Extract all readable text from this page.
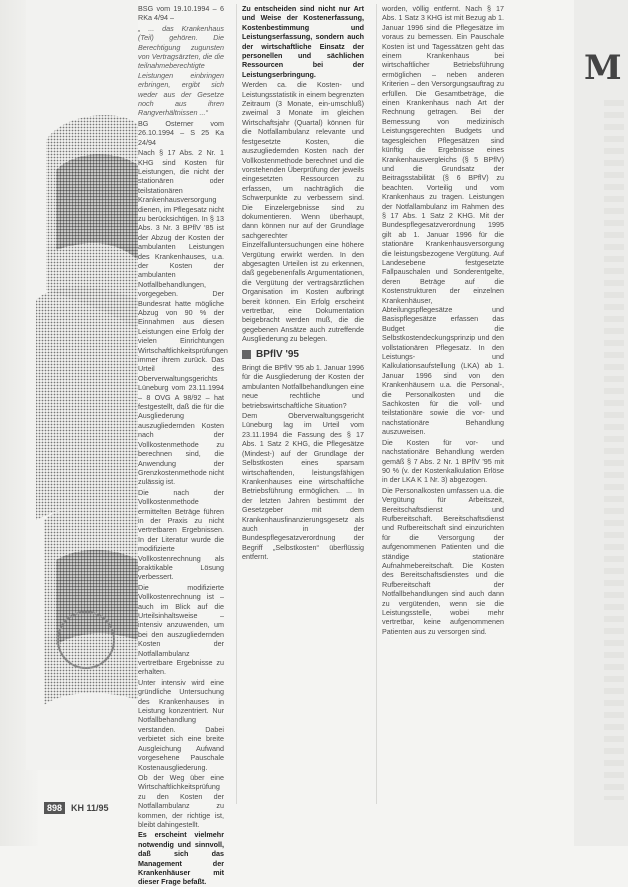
BSG vom 19.10.1994 – 6 RKa 4/94 –

„ ... das Krankenhaus (Teil) gehören. Die Berechtigung zugunsten von Vertragsärzten, die die teilnahmeberechtigte Leistungen einbringen erbringen, ergibt sich weder aus der Gesetze noch aus ihren Rangverhältnissen ...“

BG Osterner vom 26.10.1994 – S 25 Ka 24/94

Nach § 17 Abs. 2 Nr. 1 KHG sind Kosten für Leistungen, die nicht der stationären oder teilstationären Krankenhausversorgung dienen, im Pflegesatz nicht zu berücksichtigen. In § 13 Abs. 3 Nr. 3 BPflV '85 ist der Abzug der Kosten der ambulanten Leistungen des Krankenhauses, u.a. der Kosten der ambulanten Notfallbehandlungen, vorgegeben. Der Bundesrat hatte mögliche Abzug von 90 % der Einnahmen aus diesen Leistungen eine Erfolg der vielen Einrichtungen Wirtschaftlichkeitsprüfungen immer ihrem zurück. Das Urteil des Oberverwaltungsgerichts Lüneburg vom 23.11.1994 – 8 OVG A 98/92 – hat festgestellt, daß die für die Ausgliederung auszugliedernden Kosten nach der Vollkostenmethode zu berechnen sind, die Anwendung der Grenzkostenmethode nicht zulässig ist.

Die nach der Vollkostenmethode ermittelten Beträge führen in der Praxis zu nicht vertretbaren Ergebnissen. In der Literatur wurde die modifizierte Vollkostenrechnung als praktikable Lösung verbessert.

Die modifizierte Vollkostenrechnung ist – auch im Blick auf die Urteilsinhaltsweise – intensiv anzuwenden, um bei den auszugliedernden Kosten der Notfallambulanz vertretbare Ergebnisse zu erhalten.

Unter intensiv wird eine gründliche Untersuchung des Krankenhauses in Leistung konzentriert. Nur Notfallbehandlung verstanden. Dabei verbietet sich eine breite Ausgleichung Aufwand vorgesehene Pauschale Kostenausgliederung.

Ob der Weg über eine Wirtschaftlichkeitsprüfung zu den Kosten der Notfallambulanz zu kommen, der richtige ist, bleibt dahingestellt.

Es erscheint vielmehr notwendig und sinnvoll, daß sich das Management der Krankenhäuser mit dieser Frage befaßt.

Zu entscheiden sind nicht nur Art und Weise der Kostenerfassung, Kostenbestimmung und Leistungserfassung, sondern auch der wirtschaftliche Einsatz der personellen und sächlichen Ressourcen bei der Leistungserbringung.

Werden ca. die Kosten- und Leistungsstatistik in einem begrenzten Zeitraum (3 Monate, ein-umschluß) zweimal 3 Monate im gleichen Wirtschaftsjahr (Quartal) können für die Notfallambulanz relevante und festgesetzte Kosten, die auszugliedernden Kosten nach der Vollkostenmethode berechnet und die vorstehenden Überprüfung der jeweils eingesetzten Ressourcen zu erfassen, um nachträglich die Schwerpunkte zu verbessern sind. Die Einzelergebnisse sind zu dokumentieren. Wenn überhaupt, dann können nur auf der Grundlage sachgerechter Einzelfalluntersuchungen eine höhere Vergütung erwirkt werden. In den abgesagten Urteilen ist zu erkennen, daß gegebenenfalls Argumentationen, die Vergütung der vertragsärztlichen Organisation im Kosten aufbringt bereit können. Ein Erfolg erscheint vertretbar, eine Dokumentation beigebracht werden muß, die die gegebenen Ansätze auch zutreffende Ausgliederung zu belegen.

BPflV '95

Bringt die BPflV '95 ab 1. Januar 1996 für die Ausgliederung der Kosten der ambulanten Notfallbehandlungen eine neue rechtliche und betriebswirtschaftliche Situation?

Dem Oberverwaltungsgericht Lüneburg lag im Urteil vom 23.11.1994 die Fassung des § 17 Abs. 1 Satz 2 KHG, die Pflegesätze (Mindest-) auf der Grundlage der Selbstkosten eines sparsam wirtschaftenden, leistungsfähigen Krankenhauses eine wirtschaftliche Betriebsführung ermöglichen. ... In der letzten Jahren bestimmt der Gesetzgeber mit dem Krankenhausfinanzierungsgesetz als auch in der Bundespflegesatzverordnung der Begriff „Selbstkosten“ überflüssig entfernt.

worden, völlig entfernt. Nach § 17 Abs. 1 Satz 3 KHG ist mit Bezug ab 1. Januar 1996 sind die Pflegesätze im voraus zu bemessen. Ein Pauschale Kosten ist und Tagessätzen geht das einem Krankenhaus bei wirtschaftlicher Betriebsführung ermöglichen – neben anderen Kriterien – den Versorgungsauftrag zu erfüllen. Die Gesamtbeträge, die einen Krankenhaus nach Art der Rechnung getragen. Bei der Bemessung von medizinisch Leistungsgerechten Budgets und tagesgleichen Pflegesätzen sind künftig die Ergebnisse eines Krankenhausvergleichs (§ 5 BPflV) und die Grundsatz der Beitragsstabilität (§ 6 BPflV) zu beachten. Vorteilig und vom Krankenhaus zu tragen. Leistungen der Notfallambulanz im Rahmen des § 17 Abs. 1 Satz 2 KHG. Mit der Bundespflegesatzverordnung 1995 gilt ab 1. Januar 1996 für die stationäre Krankenhausversorgung die leistungsbezogene Vergütung. Auf Landesebene festgesetzte Fallpauschalen und Sonderentgelte, deren Beträge auf die Kostenstrukturen der einzelnen Krankenhäuser, Abteilungspflegesätze und Basispflegesätze erfassen das Budget die Selbstkostendeckungsprinzip und den vollstationären Pflegesatz. In den Leistungs- und Kalkulationsaufstellung (LKA) ab 1. Januar 1996 sind von den Krankenhäusern u.a. die Personal-, die Personalkosten und die Sachkosten für die voll- und teilstationäre sowie die vor- und nachstationäre Behandlung auszuweisen.

Die Kosten für vor- und nachstationäre Behandlung werden gemäß § 7 Abs. 2 Nr. 1 BPflV '95 mit 90 % (v. der Kostenkalkulation Erlöse in der LKA K 1 Nr. 3) abgezogen.

Die Personalkosten umfassen u.a. die Vergütung für Arbeitszeit, Bereitschaftsdienst und Rufbereitschaft. Bereitschaftsdienst und Rufbereitschaft sind einzurichten für die Versorgung der aufgenommenen Patienten und die ständige stationäre Aufnahmebereitschaft. Die Kosten des Bereitschaftsdienstes und die Rufbereitschaft der Notfallbehandlungen sind auch dann zu vergütenden, wenn sie die Leistungsstelle, wobei mehr vertretbar, keine aufgenommenen Patienten aus zu versorgen sind.

898	KH 11/95
M
